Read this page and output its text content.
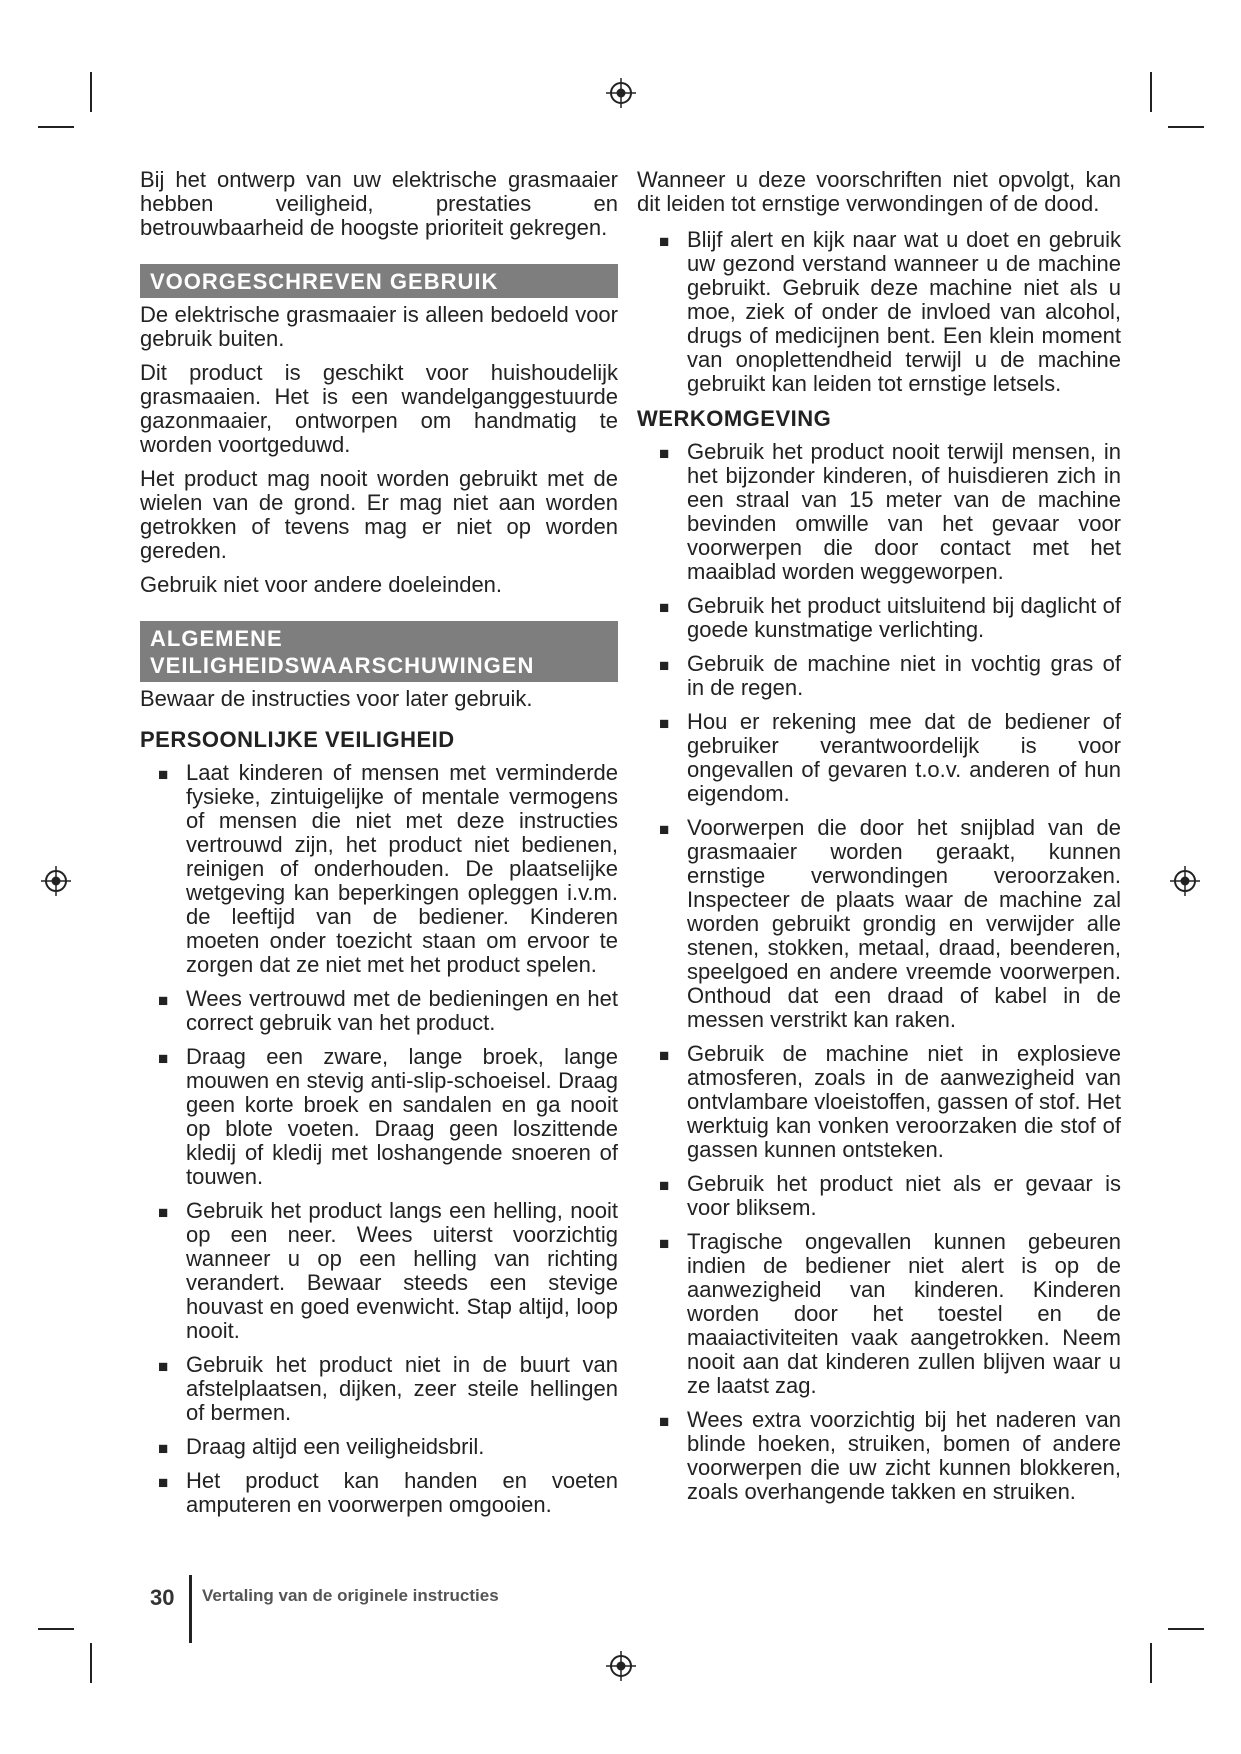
Bij het ontwerp van uw elektrische grasmaaier hebben veiligheid, prestaties en betrouwbaarheid de hoogste prioriteit gekregen.

VOORGESCHREVEN GEBRUIK

De elektrische grasmaaier is alleen bedoeld voor gebruik buiten.

Dit product is geschikt voor huishoudelijk grasmaaien. Het is een wandelganggestuurde gazonmaaier, ontworpen om handmatig te worden voortgeduwd.

Het product mag nooit worden gebruikt met de wielen van de grond. Er mag niet aan worden getrokken of tevens mag er niet op worden gereden.

Gebruik niet voor andere doeleinden.

ALGEMENE
VEILIGHEIDSWAARSCHUWINGEN

Bewaar de instructies voor later gebruik.

PERSOONLIJKE VEILIGHEID
■ Laat kinderen of mensen met verminderde fysieke, zintuigelijke of mentale vermogens of mensen die niet met deze instructies vertrouwd zijn, het product niet bedienen, reinigen of onderhouden. De plaatselijke wetgeving kan beperkingen opleggen i.v.m. de leeftijd van de bediener. Kinderen moeten onder toezicht staan om ervoor te zorgen dat ze niet met het product spelen.
■ Wees vertrouwd met de bedieningen en het correct gebruik van het product.
■ Draag een zware, lange broek, lange mouwen en stevig anti-slip-schoeisel. Draag geen korte broek en sandalen en ga nooit op blote voeten. Draag geen loszittende kledij of kledij met loshangende snoeren of touwen.
■ Gebruik het product langs een helling, nooit op een neer. Wees uiterst voorzichtig wanneer u op een helling van richting verandert. Bewaar steeds een stevige houvast en goed evenwicht. Stap altijd, loop nooit.
■ Gebruik het product niet in de buurt van afstelplaatsen, dijken, zeer steile hellingen of bermen.
■ Draag altijd een veiligheidsbril.
■ Het product kan handen en voeten amputeren en voorwerpen omgooien.

Wanneer u deze voorschriften niet opvolgt, kan dit leiden tot ernstige verwondingen of de dood.

■ Blijf alert en kijk naar wat u doet en gebruik uw gezond verstand wanneer u de machine gebruikt. Gebruik deze machine niet als u moe, ziek of onder de invloed van alcohol, drugs of medicijnen bent. Een klein moment van onoplettendheid terwijl u de machine gebruikt kan leiden tot ernstige letsels.
WERKOMGEVING
■ Gebruik het product nooit terwijl mensen, in het bijzonder kinderen, of huisdieren zich in een straal van 15 meter van de machine bevinden omwille van het gevaar voor voorwerpen die door contact met het maaiblad worden weggeworpen.
■ Gebruik het product uitsluitend bij daglicht of goede kunstmatige verlichting.
■ Gebruik de machine niet in vochtig gras of in de regen.
■ Hou er rekening mee dat de bediener of gebruiker verantwoordelijk is voor ongevallen of gevaren t.o.v. anderen of hun eigendom.
■ Voorwerpen die door het snijblad van de grasmaaier worden geraakt, kunnen ernstige verwondingen veroorzaken. Inspecteer de plaats waar de machine zal worden gebruikt grondig en verwijder alle stenen, stokken, metaal, draad, beenderen, speelgoed en andere vreemde voorwerpen. Onthoud dat een draad of kabel in de messen verstrikt kan raken.
■ Gebruik de machine niet in explosieve atmosferen, zoals in de aanwezigheid van ontvlambare vloeistoffen, gassen of stof. Het werktuig kan vonken veroorzaken die stof of gassen kunnen ontsteken.
■ Gebruik het product niet als er gevaar is voor bliksem.
■ Tragische ongevallen kunnen gebeuren indien de bediener niet alert is op de aanwezigheid van kinderen. Kinderen worden door het toestel en de maaiactiviteiten vaak aangetrokken. Neem nooit aan dat kinderen zullen blijven waar u ze laatst zag.
■ Wees extra voorzichtig bij het naderen van blinde hoeken, struiken, bomen of andere voorwerpen die uw zicht kunnen blokkeren, zoals overhangende takken en struiken.
30 Vertaling van de originele instructies
